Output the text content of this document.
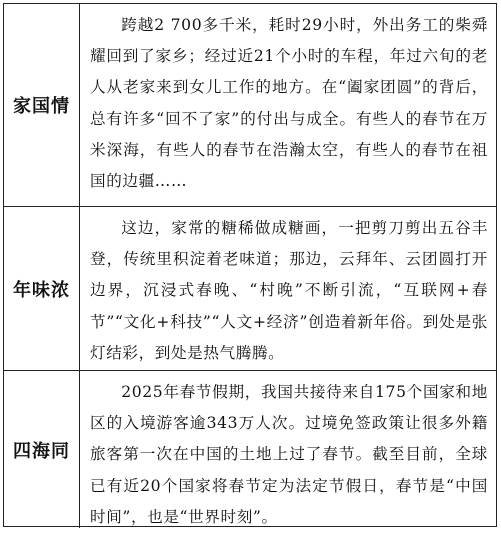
家国情

跨越2 700多千米，耗时29小时，外出务工的柴舜耀回到了家乡；经过近21个小时的车程，年过六旬的老人从老家来到女儿工作的地方。在“阖家团圆”的背后，总有许多“回不了家”的付出与成全。有些人的春节在万米深海，有些人的春节在浩瀚太空，有些人的春节在祖国的边疆……

年味浓

这边，家常的糖稀做成糖画，一把剪刀剪出五谷丰登，传统里积淀着老味道；那边，云拜年、云团圆打开边界，沉浸式春晚、“村晚”不断引流，“互联网+春节”“文化+科技”“人文+经济”创造着新年俗。到处是张灯结彩，到处是热气腾腾。

四海同

2025年春节假期，我国共接待来自175个国家和地区的入境游客逾343万人次。过境免签政策让很多外籍旅客第一次在中国的土地上过了春节。截至目前，全球已有近20个国家将春节定为法定节假日，春节是“中国时间”，也是“世界时刻”。
